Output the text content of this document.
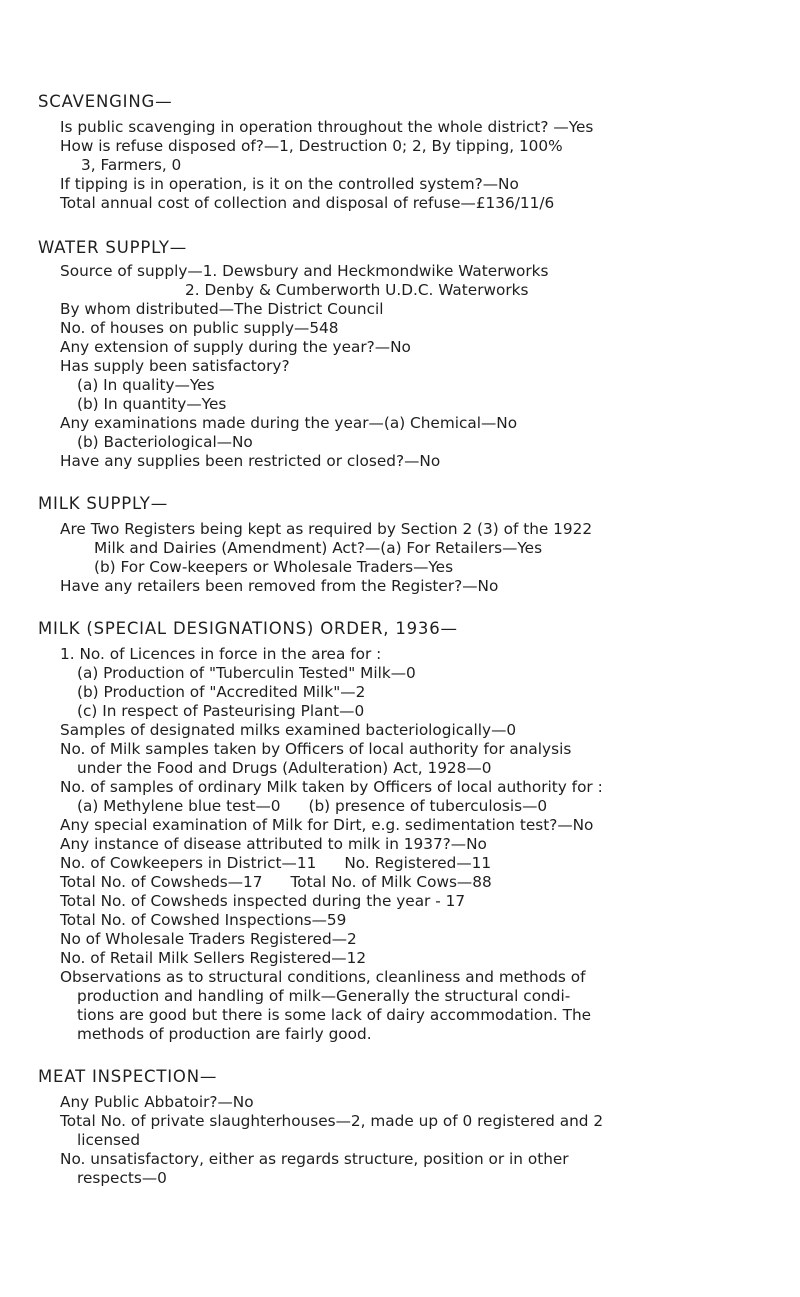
SCAVENGING—
Is public scavenging in operation throughout the whole district? —Yes
How is refuse disposed of?—1, Destruction 0; 2, By tipping, 100%
3, Farmers, 0
If tipping is in operation, is it on the controlled system?—No
Total annual cost of collection and disposal of refuse—£136/11/6
WATER SUPPLY—
Source of supply—1. Dewsbury and Heckmondwike Waterworks
2. Denby & Cumberworth U.D.C. Waterworks
By whom distributed—The District Council
No. of houses on public supply—548
Any extension of supply during the year?—No
Has supply been satisfactory?
(a) In quality—Yes
(b) In quantity—Yes
Any examinations made during the year—(a) Chemical—No
(b) Bacteriological—No
Have any supplies been restricted or closed?—No
MILK SUPPLY—
Are Two Registers being kept as required by Section 2 (3) of the 1922
Milk and Dairies (Amendment) Act?—(a) For Retailers—Yes
(b) For Cow-keepers or Wholesale Traders—Yes
Have any retailers been removed from the Register?—No
MILK (SPECIAL DESIGNATIONS) ORDER, 1936—
1. No. of Licences in force in the area for :
(a) Production of "Tuberculin Tested" Milk—0
(b) Production of "Accredited Milk"—2
(c) In respect of Pasteurising Plant—0
Samples of designated milks examined bacteriologically—0
No. of Milk samples taken by Officers of local authority for analysis
under the Food and Drugs (Adulteration) Act, 1928—0
No. of samples of ordinary Milk taken by Officers of local authority for :
(a) Methylene blue test—0 (b) presence of tuberculosis—0
Any special examination of Milk for Dirt, e.g. sedimentation test?—No
Any instance of disease attributed to milk in 1937?—No
No. of Cowkeepers in District—11 No. Registered—11
Total No. of Cowsheds—17 Total No. of Milk Cows—88
Total No. of Cowsheds inspected during the year - 17
Total No. of Cowshed Inspections—59
No of Wholesale Traders Registered—2
No. of Retail Milk Sellers Registered—12
Observations as to structural conditions, cleanliness and methods of
production and handling of milk—Generally the structural condi-
tions are good but there is some lack of dairy accommodation. The
methods of production are fairly good.
MEAT INSPECTION—
Any Public Abbatoir?—No
Total No. of private slaughterhouses—2, made up of 0 registered and 2
licensed
No. unsatisfactory, either as regards structure, position or in other
respects—0
